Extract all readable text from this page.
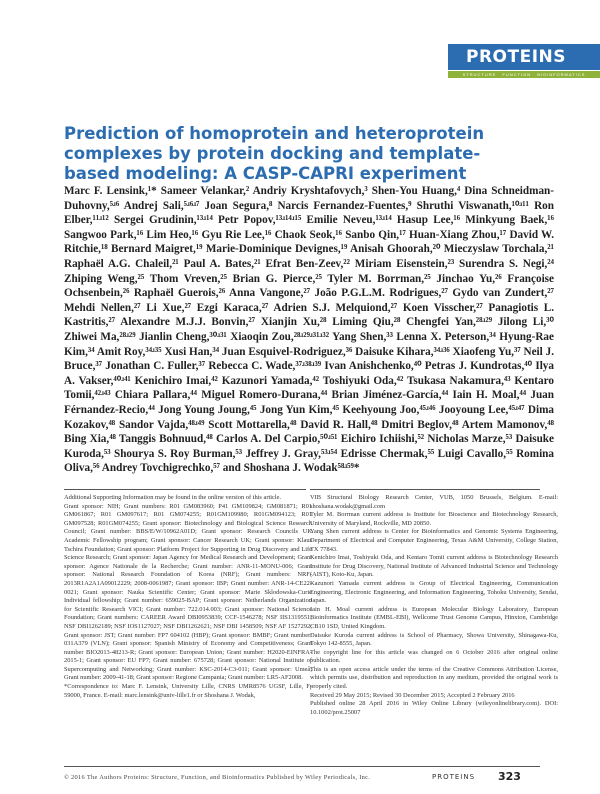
PROTEINS
STRUCTURE FUNCTION BIOINFORMATICS
Prediction of homoprotein and heteroprotein complexes by protein docking and template-based modeling: A CASP-CAPRI experiment

Marc F. Lensink,¹* Sameer Velankar,² Andriy Kryshtafovych,³ Shen-You Huang,⁴ Dina Schneidman-Duhovny,⁵ʴ⁶ Andrej Sali,⁵ʴ⁶ʴ⁷ Joan Segura,⁸ Narcis Fernandez-Fuentes,⁹ Shruthi Viswanath,¹⁰ʴ¹¹ Ron Elber,¹¹ʴ¹² Sergei Grudinin,¹³ʴ¹⁴ Petr Popov,¹³ʴ¹⁴ʴ¹⁵ Emilie Neveu,¹³ʴ¹⁴ Hasup Lee,¹⁶ Minkyung Baek,¹⁶ Sangwoo Park,¹⁶ Lim Heo,¹⁶ Gyu Rie Lee,¹⁶ Chaok Seok,¹⁶ Sanbo Qin,¹⁷ Huan-Xiang Zhou,¹⁷ David W. Ritchie,¹⁸ Bernard Maigret,¹⁹ Marie-Dominique Devignes,¹⁹ Anisah Ghoorah,²⁰ Mieczyslaw Torchala,²¹ Raphaël A.G. Chaleil,²¹ Paul A. Bates,²¹ Efrat Ben-Zeev,²² Miriam Eisenstein,²³ Surendra S. Negi,²⁴ Zhiping Weng,²⁵ Thom Vreven,²⁵ Brian G. Pierce,²⁵ Tyler M. Borrman,²⁵ Jinchao Yu,²⁶ Françoise Ochsenbein,²⁶ Raphaël Guerois,²⁶ Anna Vangone,²⁷ João P.G.L.M. Rodrigues,²⁷ Gydo van Zundert,²⁷ Mehdi Nellen,²⁷ Li Xue,²⁷ Ezgi Karaca,²⁷ Adrien S.J. Melquiond,²⁷ Koen Visscher,²⁷ Panagiotis L. Kastritis,²⁷ Alexandre M.J.J. Bonvin,²⁷ Xianjin Xu,²⁸ Liming Qiu,²⁸ Chengfei Yan,²⁸ʴ²⁹ Jilong Li,³⁰ Zhiwei Ma,²⁸ʴ²⁹ Jianlin Cheng,³⁰ʴ³¹ Xiaoqin Zou,²⁸ʴ²⁹ʴ³¹ʴ³² Yang Shen,³³ Lenna X. Peterson,³⁴ Hyung-Rae Kim,³⁴ Amit Roy,³⁴ʴ³⁵ Xusi Han,³⁴ Juan Esquivel-Rodriguez,³⁶ Daisuke Kihara,³⁴ʴ³⁶ Xiaofeng Yu,³⁷ Neil J. Bruce,³⁷ Jonathan C. Fuller,³⁷ Rebecca C. Wade,³⁷ʴ³⁸ʴ³⁹ Ivan Anishchenko,⁴⁰ Petras J. Kundrotas,⁴⁰ Ilya A. Vakser,⁴⁰ʴ⁴¹ Kenichiro Imai,⁴² Kazunori Yamada,⁴² Toshiyuki Oda,⁴² Tsukasa Nakamura,⁴³ Kentaro Tomii,⁴²ʴ⁴³ Chiara Pallara,⁴⁴ Miguel Romero-Durana,⁴⁴ Brian Jiménez-García,⁴⁴ Iain H. Moal,⁴⁴ Juan Férnandez-Recio,⁴⁴ Jong Young Joung,⁴⁵ Jong Yun Kim,⁴⁵ Keehyoung Joo,⁴⁵ʴ⁴⁶ Jooyoung Lee,⁴⁵ʴ⁴⁷ Dima Kozakov,⁴⁸ Sandor Vajda,⁴⁸ʴ⁴⁹ Scott Mottarella,⁴⁸ David R. Hall,⁴⁸ Dmitri Beglov,⁴⁸ Artem Mamonov,⁴⁸ Bing Xia,⁴⁸ Tanggis Bohnuud,⁴⁸ Carlos A. Del Carpio,⁵⁰ʴ⁵¹ Eichiro Ichiishi,⁵² Nicholas Marze,⁵³ Daisuke Kuroda,⁵³ Shourya S. Roy Burman,⁵³ Jeffrey J. Gray,⁵³ʴ⁵⁴ Edrisse Chermak,⁵⁵ Luigi Cavallo,⁵⁵ Romina Oliva,⁵⁶ Andrey Tovchigrechko,⁵⁷ and Shoshana J. Wodak⁵⁸ʴ⁵⁹*

Additional Supporting Information may be found in the online version of this article.

Grant sponsor: NIH; Grant numbers: R01 GM083960; P41 GM109824; GM081871; R01 GM061867; R01 GM097617; R01 GM074255; R01GM109980; R01GM094123; R01 GM097528; R01GM074255; Grant sponsor: Biotechnology and Biological Science Research Council; Grant number: BBS/E/W/10962A01D; Grant sponsor: Research Councils UK Academic Fellowship program; Grant sponsor: Cancer Research UK; Grant sponsor: Klaus Tschira Foundation; Grant sponsor: Platform Project for Supporting in Drug Discovery and Life Science Research; Grant sponsor: Japan Agency for Medical Research and Development; Grant sponsor: Agence Nationale de la Recherche; Grant number: ANR-11-MONU-006; Grant sponsor: National Research Foundation of Korea (NRF); Grant numbers: NRF-2013R1A2A1A09012229; 2008-0061987; Grant sponsor: IBP; Grant number: ANR-14-CE22-0021; Grant sponsor: Nauka Scientific Center; Grant sponsor: Marie Sklodowska-Curie Individual fellowship; Grant number: 659025-BAP; Grant sponsor: Netherlands Organization for Scientific Research VICI; Grant number: 722.014.003; Grant sponsor: National Science Foundation; Grant numbers: CAREER Award DBI0953839; CCF-1546278; NSF IIS1319551; NSF DBI1262189; NSF IOS1127027; NSF DBI1262621; NSF DBI 1458509; NSF AF 1527292; Grant sponsor: JST; Grant number: FP7 604102 (HBP); Grant sponsor: BMBF; Grant number: 031A379 (VLN); Grant sponsor: Spanish Ministry of Economy and Competitiveness; Grant number BIO2013-48213-R; Grant sponsor: European Union; Grant number: H2020-EINFRA-2015-1; Grant sponsor: EU FP7; Grant number: 675728; Grant sponsor: National Institute of Supercomputing and Networking; Grant number: KSC-2014-C3-011; Grant sponsor: Umeå; Grant number: 2009-41-18; Grant sponsor: Regione Campania; Grant number: LR5-AF2008.

*Correspondence to: Marc F. Lensink, University Lille, CNRS UMR8576 UGSF, Lille, F-59000, France. E-mail: marc.lensink@univ-lille1.fr or Shoshana J. Wodak,

VIB Structural Biology Research Center, VUB, 1050 Brussels, Belgium. E-mail: shoshana.wodak@gmail.com

Tyler M. Borrman current address is Institute for Bioscience and Biotechnology Research, University of Maryland, Rockville, MD 20850.

Yang Shen current address is Center for Bioinformatics and Genomic Systems Engineering, Department of Electrical and Computer Engineering, Texas A&M University, College Station, TX 77843.

Kenichiro Imai, Toshiyuki Oda, and Kentaro Tomii current address is Biotechnology Research Institute for Drug Discovery, National Institute of Advanced Industrial Science and Technology (AIST), Koto-Ku, Japan.

Kazunori Yamada current address is Group of Electrical Engineering, Communication Engineering, Electronic Engineering, and Information Engineering, Tohoku University, Sendai, Japan.

Iain H. Moal current address is European Molecular Biology Laboratory, European Bioinformatics Institute (EMBL-EBI), Wellcome Trust Genome Campus, Hinxton, Cambridge CB10 1SD, United Kingdom.

Daisuke Kuroda current address is School of Pharmacy, Showa University, Shinagawa-Ku, Tokyo 142-8555, Japan.

The copyright line for this article was changed on 6 October 2016 after original online publication.

This is an open access article under the terms of the Creative Commons Attribution License, which permits use, distribution and reproduction in any medium, provided the original work is properly cited.

Received 29 May 2015; Revised 30 December 2015; Accepted 2 February 2016

Published online 28 April 2016 in Wiley Online Library (wileyonlinelibrary.com). DOI: 10.1002/prot.25007

© 2016 The Authors Proteins: Structure, Function, and Bioinformatics Published by Wiley Periodicals, Inc.	PROTEINS 323
